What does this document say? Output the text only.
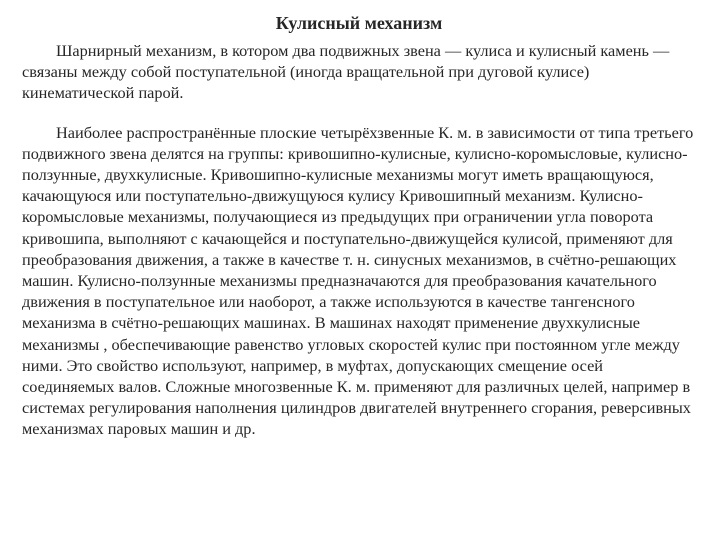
Кулисный механизм

Шарнирный механизм, в котором два подвижных звена — кулиса и кулисный камень — связаны между собой поступательной (иногда вращательной при дуговой кулисе) кинематической парой.

Наиболее распространённые плоские четырёхзвенные К. м. в зависимости от типа третьего подвижного звена делятся на группы: кривошипно-кулисные, кулисно-коромысловые, кулисно-ползунные, двухкулисные. Кривошипно-кулисные механизмы могут иметь вращающуюся, качающуюся или поступательно-движущуюся кулису Кривошипный механизм. Кулисно-коромысловые механизмы, получающиеся из предыдущих при ограничении угла поворота кривошипа, выполняют с качающейся и поступательно-движущейся кулисой, применяют для преобразования движения, а также в качестве т. н. синусных механизмов, в счётно-решающих машин. Кулисно-ползунные механизмы предназначаются для преобразования качательного движения в поступательное или наоборот, а также используются в качестве тангенсного механизма в счётно-решающих машинах. В машинах находят применение двухкулисные механизмы , обеспечивающие равенство угловых скоростей кулис при постоянном угле между ними. Это свойство используют, например, в муфтах, допускающих смещение осей соединяемых валов. Сложные многозвенные К. м. применяют для различных целей, например в системах регулирования наполнения цилиндров двигателей внутреннего сгорания, реверсивных механизмах паровых машин и др.
